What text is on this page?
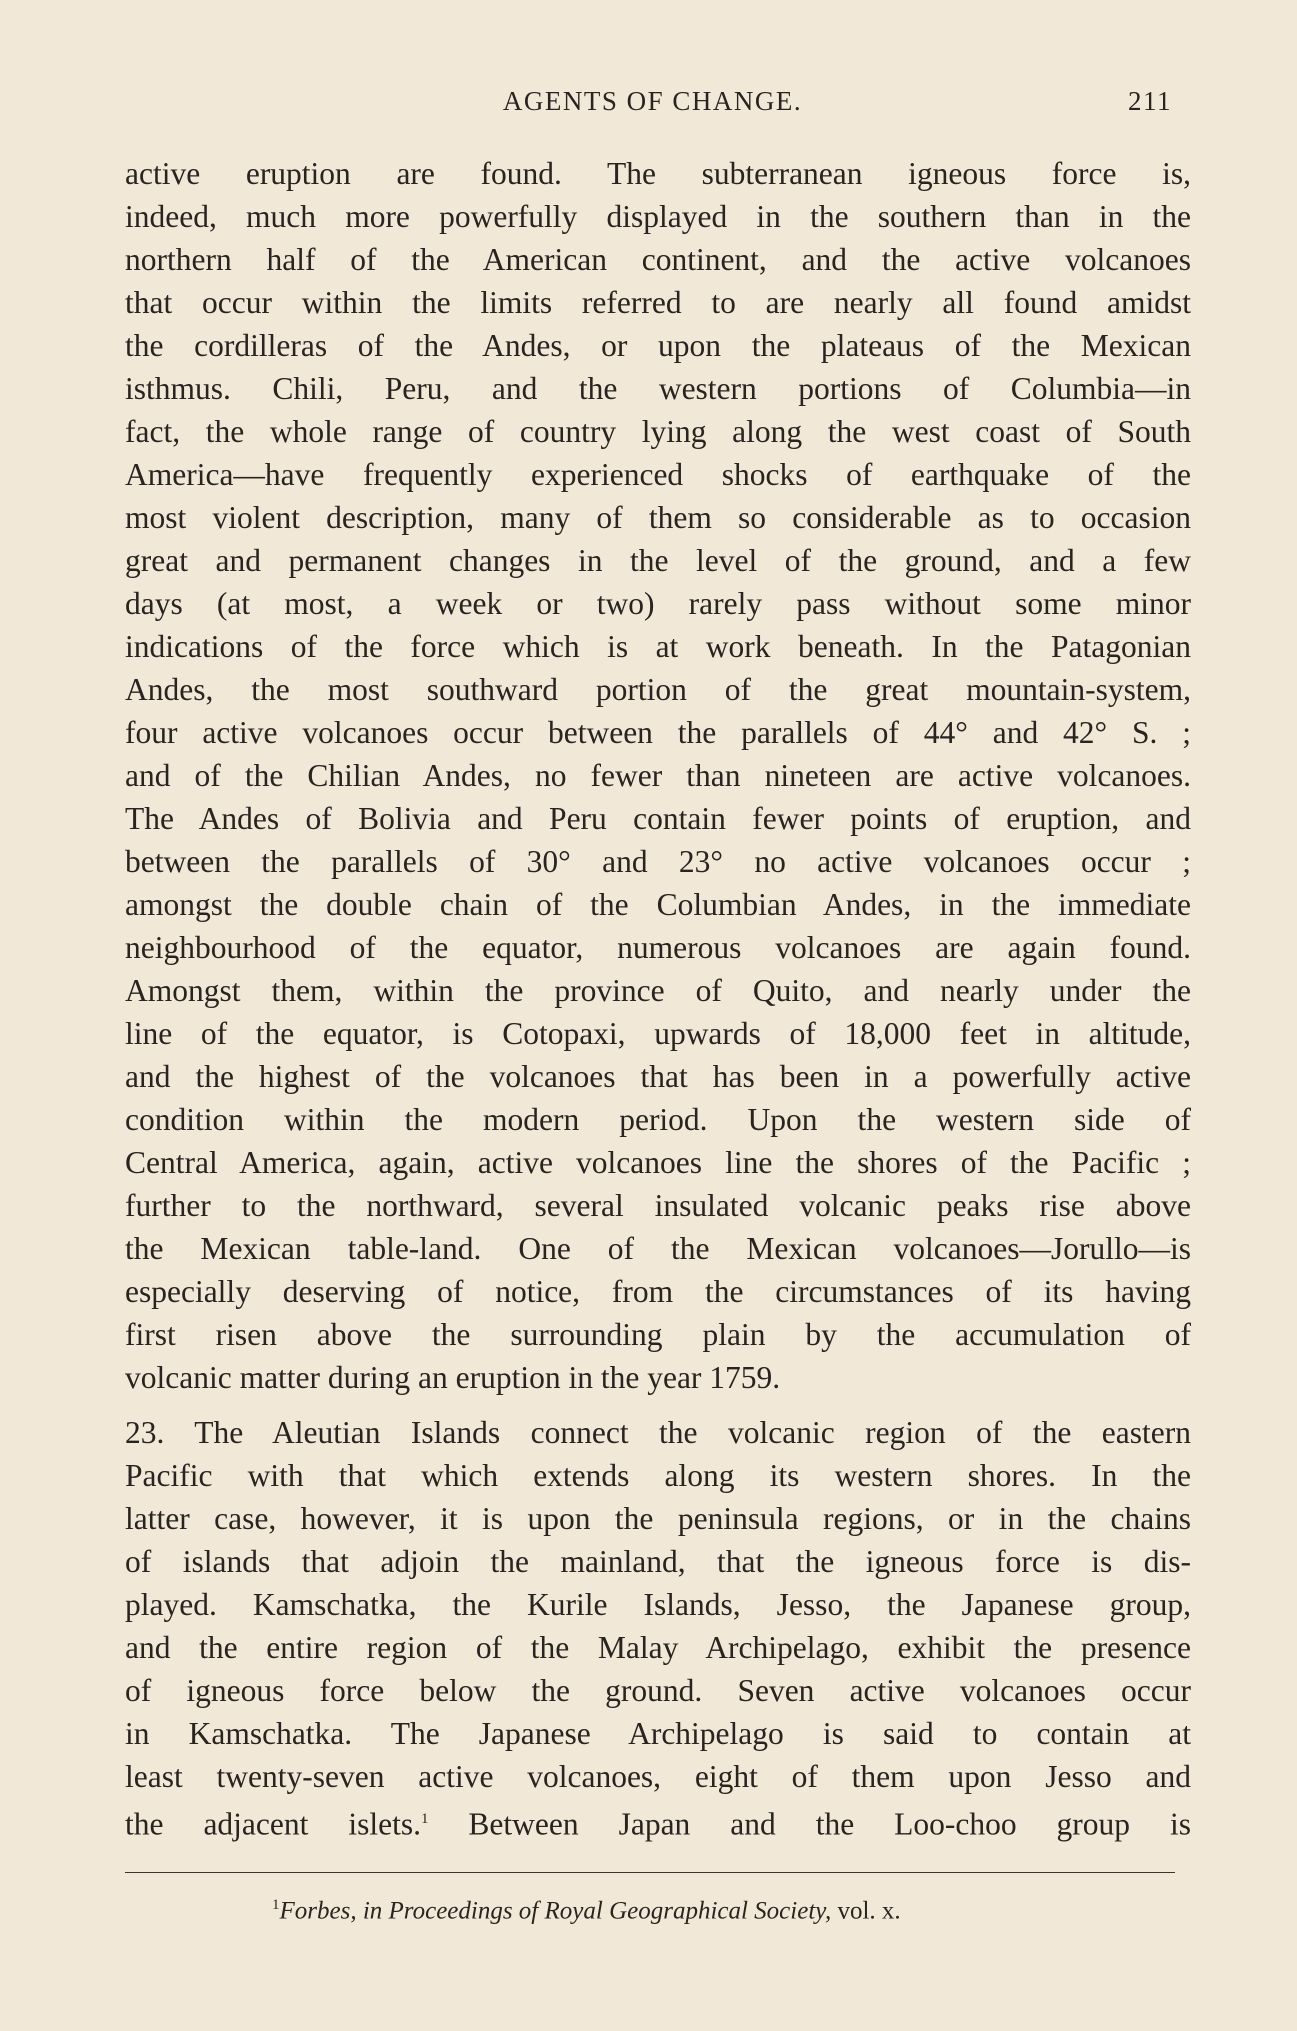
AGENTS OF CHANGE.	211

active eruption are found. The subterranean igneous force is,
indeed, much more powerfully displayed in the southern than in the
northern half of the American continent, and the active volcanoes
that occur within the limits referred to are nearly all found amidst
the cordilleras of the Andes, or upon the plateaus of the Mexican
isthmus. Chili, Peru, and the western portions of Columbia—in
fact, the whole range of country lying along the west coast of South
America—have frequently experienced shocks of earthquake of the
most violent description, many of them so considerable as to occasion
great and permanent changes in the level of the ground, and a few
days (at most, a week or two) rarely pass without some minor
indications of the force which is at work beneath. In the Patagonian
Andes, the most southward portion of the great mountain-system,
four active volcanoes occur between the parallels of 44° and 42° S. ;
and of the Chilian Andes, no fewer than nineteen are active volcanoes.
The Andes of Bolivia and Peru contain fewer points of eruption, and
between the parallels of 30° and 23° no active volcanoes occur ;
amongst the double chain of the Columbian Andes, in the immediate
neighbourhood of the equator, numerous volcanoes are again found.
Amongst them, within the province of Quito, and nearly under the
line of the equator, is Cotopaxi, upwards of 18,000 feet in altitude,
and the highest of the volcanoes that has been in a powerfully active
condition within the modern period. Upon the western side of
Central America, again, active volcanoes line the shores of the Pacific ;
further to the northward, several insulated volcanic peaks rise above
the Mexican table-land. One of the Mexican volcanoes—Jorullo—is
especially deserving of notice, from the circumstances of its having
first risen above the surrounding plain by the accumulation of
volcanic matter during an eruption in the year 1759.

23. The Aleutian Islands connect the volcanic region of the eastern
Pacific with that which extends along its western shores. In the
latter case, however, it is upon the peninsula regions, or in the chains
of islands that adjoin the mainland, that the igneous force is dis-
played. Kamschatka, the Kurile Islands, Jesso, the Japanese group,
and the entire region of the Malay Archipelago, exhibit the presence
of igneous force below the ground. Seven active volcanoes occur
in Kamschatka. The Japanese Archipelago is said to contain at
least twenty-seven active volcanoes, eight of them upon Jesso and
the adjacent islets.$^1$ Between Japan and the Loo-choo group is

$^1$Forbes, in Proceedings of Royal Geographical Society, vol. x.
